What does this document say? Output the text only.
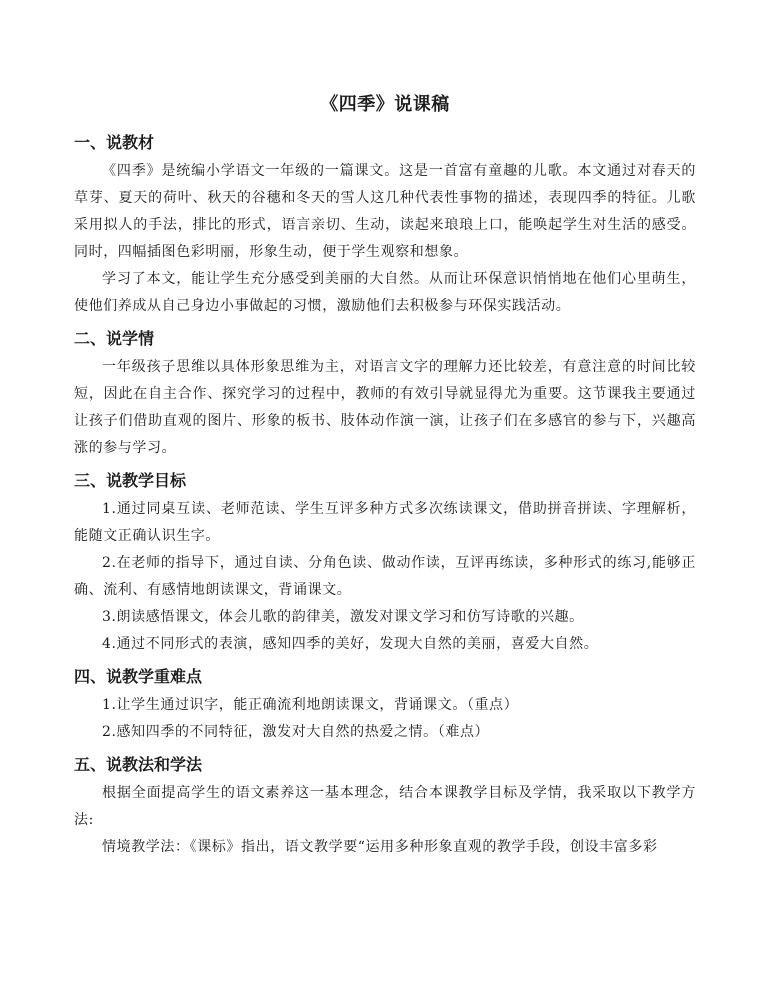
《四季》说课稿
一、说教材

《四季》是统编小学语文一年级的一篇课文。这是一首富有童趣的儿歌。本文通过对春天的草芽、夏天的荷叶、秋天的谷穗和冬天的雪人这几种代表性事物的描述，表现四季的特征。儿歌采用拟人的手法，排比的形式，语言亲切、生动，读起来琅琅上口，能唤起学生对生活的感受。同时，四幅插图色彩明丽，形象生动，便于学生观察和想象。

学习了本文，能让学生充分感受到美丽的大自然。从而让环保意识悄悄地在他们心里萌生，使他们养成从自己身边小事做起的习惯，激励他们去积极参与环保实践活动。

二、说学情

一年级孩子思维以具体形象思维为主，对语言文字的理解力还比较差，有意注意的时间比较短，因此在自主合作、探究学习的过程中，教师的有效引导就显得尤为重要。这节课我主要通过让孩子们借助直观的图片、形象的板书、肢体动作演一演，让孩子们在多感官的参与下，兴趣高涨的参与学习。

三、说教学目标

1.通过同桌互读、老师范读、学生互评多种方式多次练读课文，借助拼音拼读、字理解析，能随文正确认识生字。

2.在老师的指导下，通过自读、分角色读、做动作读，互评再练读，多种形式的练习,能够正确、流利、有感情地朗读课文，背诵课文。

3.朗读感悟课文，体会儿歌的韵律美，激发对课文学习和仿写诗歌的兴趣。

4.通过不同形式的表演，感知四季的美好，发现大自然的美丽，喜爱大自然。

四、说教学重难点

1.让学生通过识字，能正确流利地朗读课文，背诵课文。（重点）

2.感知四季的不同特征，激发对大自然的热爱之情。（难点）

五、说教法和学法

根据全面提高学生的语文素养这一基本理念，结合本课教学目标及学情，我采取以下教学方法:

情境教学法：《课标》指出，语文教学要“运用多种形象直观的教学手段，创设丰富多彩
